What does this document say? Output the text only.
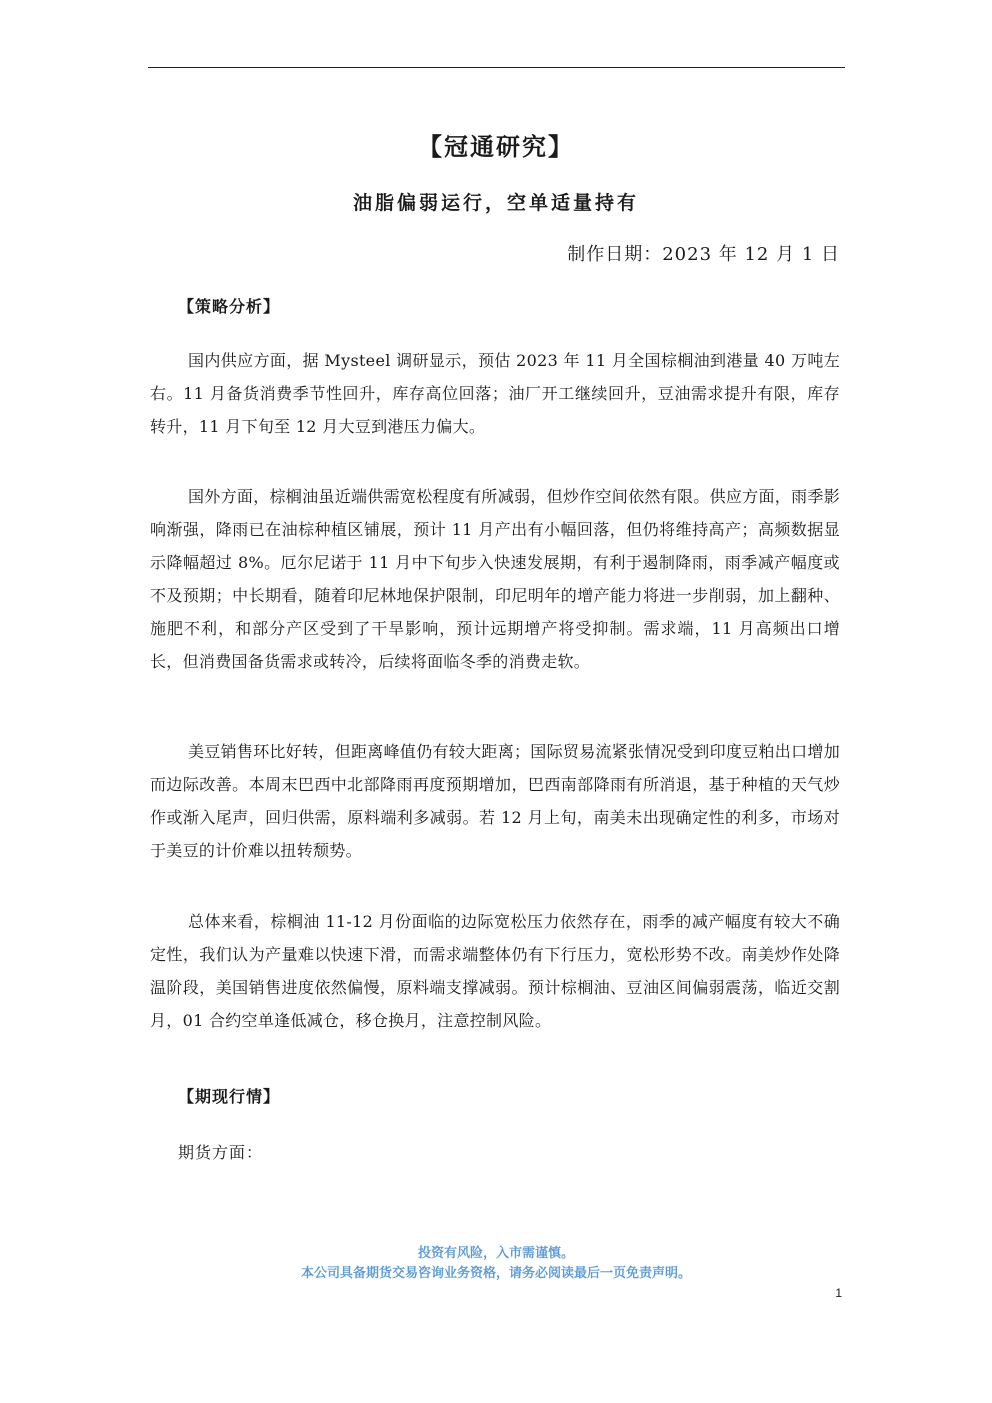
【冠通研究】
油脂偏弱运行，空单适量持有
制作日期：2023 年 12 月 1 日
【策略分析】

国内供应方面，据 Mysteel 调研显示，预估 2023 年 11 月全国棕榈油到港量 40 万吨左右。11 月备货消费季节性回升，库存高位回落；油厂开工继续回升，豆油需求提升有限，库存转升，11 月下旬至 12 月大豆到港压力偏大。

国外方面，棕榈油虽近端供需宽松程度有所减弱，但炒作空间依然有限。供应方面，雨季影响渐强，降雨已在油棕种植区铺展，预计 11 月产出有小幅回落，但仍将维持高产；高频数据显示降幅超过 8%。厄尔尼诺于 11 月中下旬步入快速发展期，有利于遏制降雨，雨季减产幅度或不及预期；中长期看，随着印尼林地保护限制，印尼明年的增产能力将进一步削弱，加上翻种、施肥不利，和部分产区受到了干旱影响，预计远期增产将受抑制。需求端，11 月高频出口增长，但消费国备货需求或转冷，后续将面临冬季的消费走软。

美豆销售环比好转，但距离峰值仍有较大距离；国际贸易流紧张情况受到印度豆粕出口增加而边际改善。本周末巴西中北部降雨再度预期增加，巴西南部降雨有所消退，基于种植的天气炒作或渐入尾声，回归供需，原料端利多减弱。若 12 月上旬，南美未出现确定性的利多，市场对于美豆的计价难以扭转颓势。

总体来看，棕榈油 11-12 月份面临的边际宽松压力依然存在，雨季的减产幅度有较大不确定性，我们认为产量难以快速下滑，而需求端整体仍有下行压力，宽松形势不改。南美炒作处降温阶段，美国销售进度依然偏慢，原料端支撑减弱。预计棕榈油、豆油区间偏弱震荡，临近交割月，01 合约空单逢低减仓，移仓换月，注意控制风险。

【期现行情】
期货方面：
投资有风险，入市需谨慎。
本公司具备期货交易咨询业务资格，请务必阅读最后一页免责声明。
1
